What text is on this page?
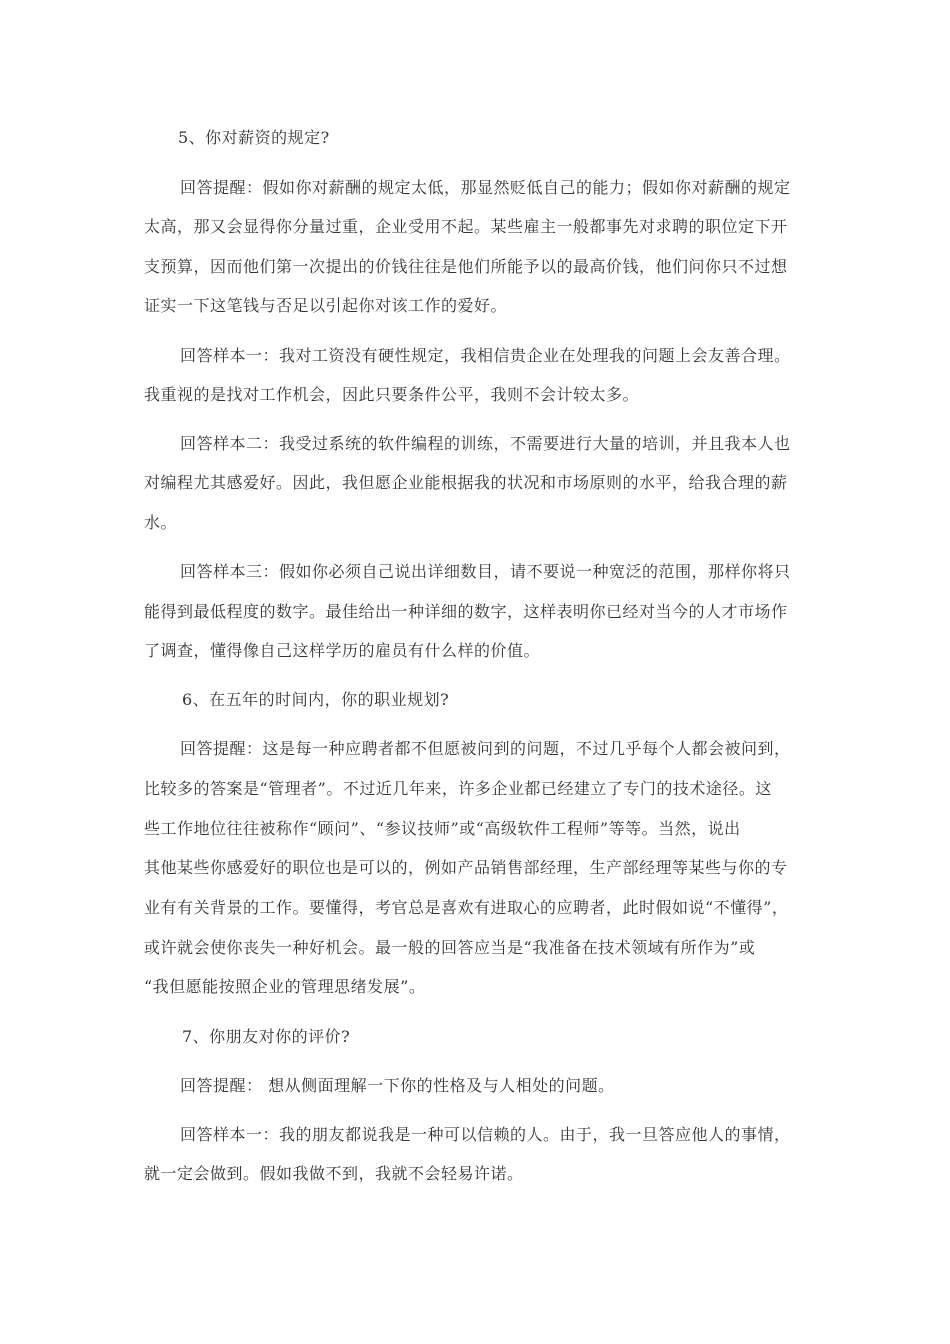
5、你对薪资的规定?
回答提醒：假如你对薪酬的规定太低，那显然贬低自己的能力；假如你对薪酬的规定
太高，那又会显得你分量过重，企业受用不起。某些雇主一般都事先对求聘的职位定下开
支预算，因而他们第一次提出的价钱往往是他们所能予以的最高价钱，他们问你只不过想
证实一下这笔钱与否足以引起你对该工作的爱好。
回答样本一：我对工资没有硬性规定，我相信贵企业在处理我的问题上会友善合理。
我重视的是找对工作机会，因此只要条件公平，我则不会计较太多。
回答样本二：我受过系统的软件编程的训练，不需要进行大量的培训，并且我本人也
对编程尤其感爱好。因此，我但愿企业能根据我的状况和市场原则的水平，给我合理的薪
水。
回答样本三：假如你必须自己说出详细数目，请不要说一种宽泛的范围，那样你将只
能得到最低程度的数字。最佳给出一种详细的数字，这样表明你已经对当今的人才市场作
了调查，懂得像自己这样学历的雇员有什么样的价值。
6、在五年的时间内，你的职业规划?
回答提醒：这是每一种应聘者都不但愿被问到的问题，不过几乎每个人都会被问到，
比较多的答案是“管理者”。不过近几年来，许多企业都已经建立了专门的技术途径。这
些工作地位往往被称作“顾问”、“参议技师”或“高级软件工程师”等等。当然，说出
其他某些你感爱好的职位也是可以的，例如产品销售部经理，生产部经理等某些与你的专
业有有关背景的工作。要懂得，考官总是喜欢有进取心的应聘者，此时假如说“不懂得”，
或许就会使你丧失一种好机会。最一般的回答应当是“我准备在技术领域有所作为”或
“我但愿能按照企业的管理思绪发展”。
7、你朋友对你的评价?
回答提醒： 想从侧面理解一下你的性格及与人相处的问题。
回答样本一：我的朋友都说我是一种可以信赖的人。由于，我一旦答应他人的事情，
就一定会做到。假如我做不到，我就不会轻易许诺。
